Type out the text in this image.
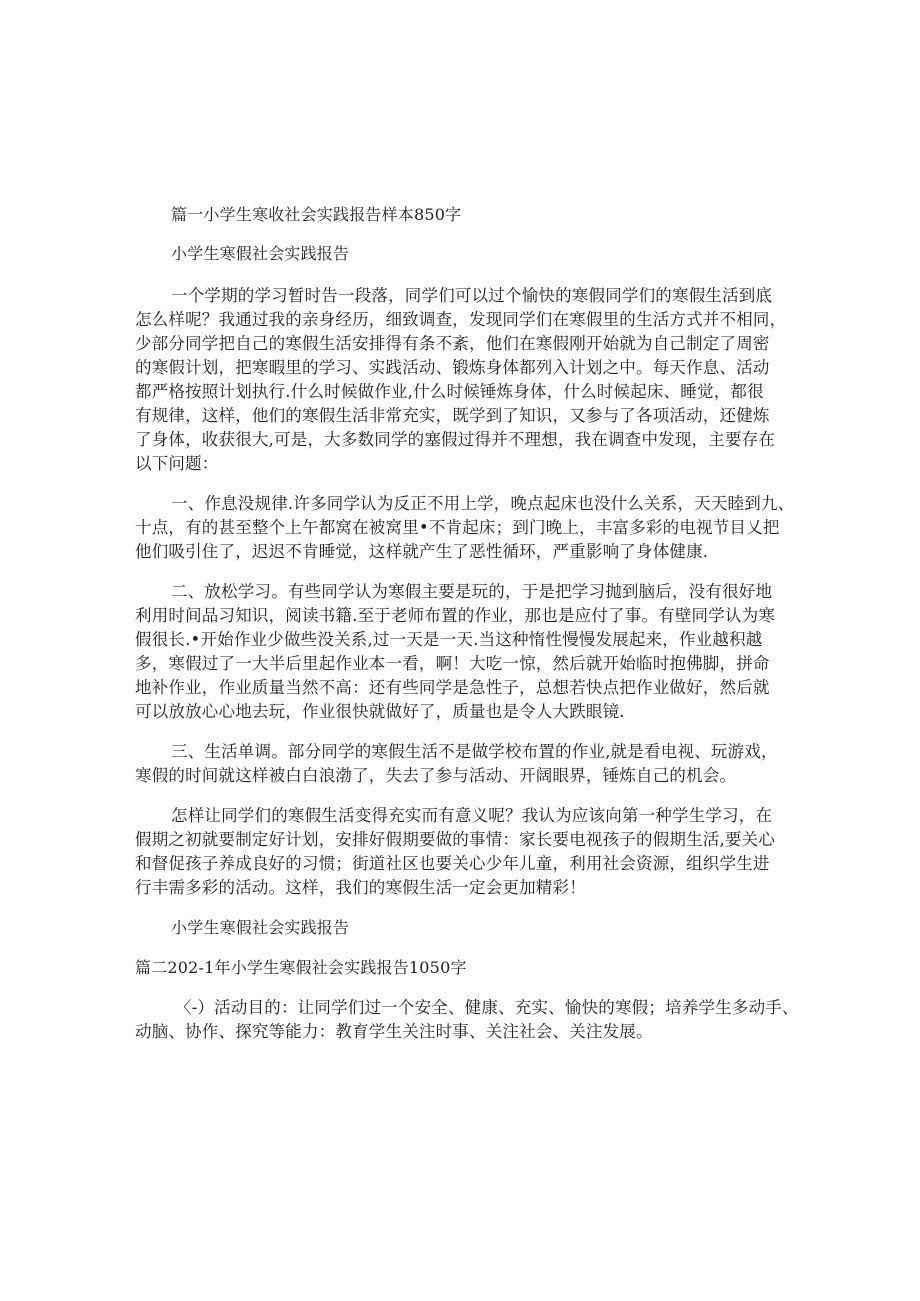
篇一小学生寒收社会实践报告样本850字
小学生寒假社会实践报告
一个学期的学习暂时告一段落，同学们可以过个愉快的寒假同学们的寒假生活到底
怎么样呢？我通过我的亲身经历，细致调查，发现同学们在寒假里的生活方式并不相同，
少部分同学把自己的寒假生活安排得有条不紊，他们在寒假刚开始就为自己制定了周密
的寒假计划，把寒暇里的学习、实践活动、锻炼身体都列入计划之中。每天作息、活动
都严格按照计划执行.什么时候做作业,什么时候锤炼身体，什么时候起床、睡觉，都很
有规律，这样，他们的寒假生活非常充实，既学到了知识，又参与了各项活动，还健炼
了身体，收获很大,可是，大多数同学的塞假过得并不理想，我在调查中发现，主要存在
以下问题：
一、作息没规律.许多同学认为反正不用上学，晚点起床也没什么关系，天天睦到九、
十点，有的甚至整个上午都窝在被窝里•不肯起床；到门晚上，丰富多彩的电视节目乂把
他们吸引住了，迟迟不肯睡觉，这样就产生了恶性循环，严重影响了身体健康.
二、放松学习。有些同学认为寒假主要是玩的，于是把学习抛到脑后，没有很好地
利用时间品习知识，阅读书籍.至于老师布置的作业，那也是应付了事。有壁同学认为寒
假很长.•开始作业少做些没关系,过一天是一天.当这种惰性慢慢发展起来，作业越积越
多，寒假过了一大半后里起作业本一看，啊！大吃一惊，然后就开始临时抱佛脚，拼命
地补作业，作业质量当然不高：还有些同学是急性子，总想若快点把作业做好，然后就
可以放放心心地去玩，作业很快就做好了，质量也是令人大跌眼镜.
三、生活单调。部分同学的寒假生活不是做学校布置的作业,就是看电视、玩游戏，
寒假的时间就这样被白白浪渤了，失去了参与活动、开阔眼界，锤炼自己的机会。
怎样让同学们的寒假生活变得充实而有意义呢？我认为应该向第一种学生学习，在
假期之初就要制定好计划，安排好假期要做的事情：家长要电视孩子的假期生活,要关心
和督促孩子养成良好的习惯；街道社区也要关心少年儿童，利用社会资源，组织学生进
行丰需多彩的活动。这样，我们的寒假生活一定会更加精彩！
小学生寒假社会实践报告
篇二202-1年小学生寒假社会实践报告1050字
〈-）活动目的：让同学们过一个安全、健康、充实、愉快的寒假；培养学生多动手、
动脑、协作、探究等能力：教育学生关注时事、关注社会、关注发展。
